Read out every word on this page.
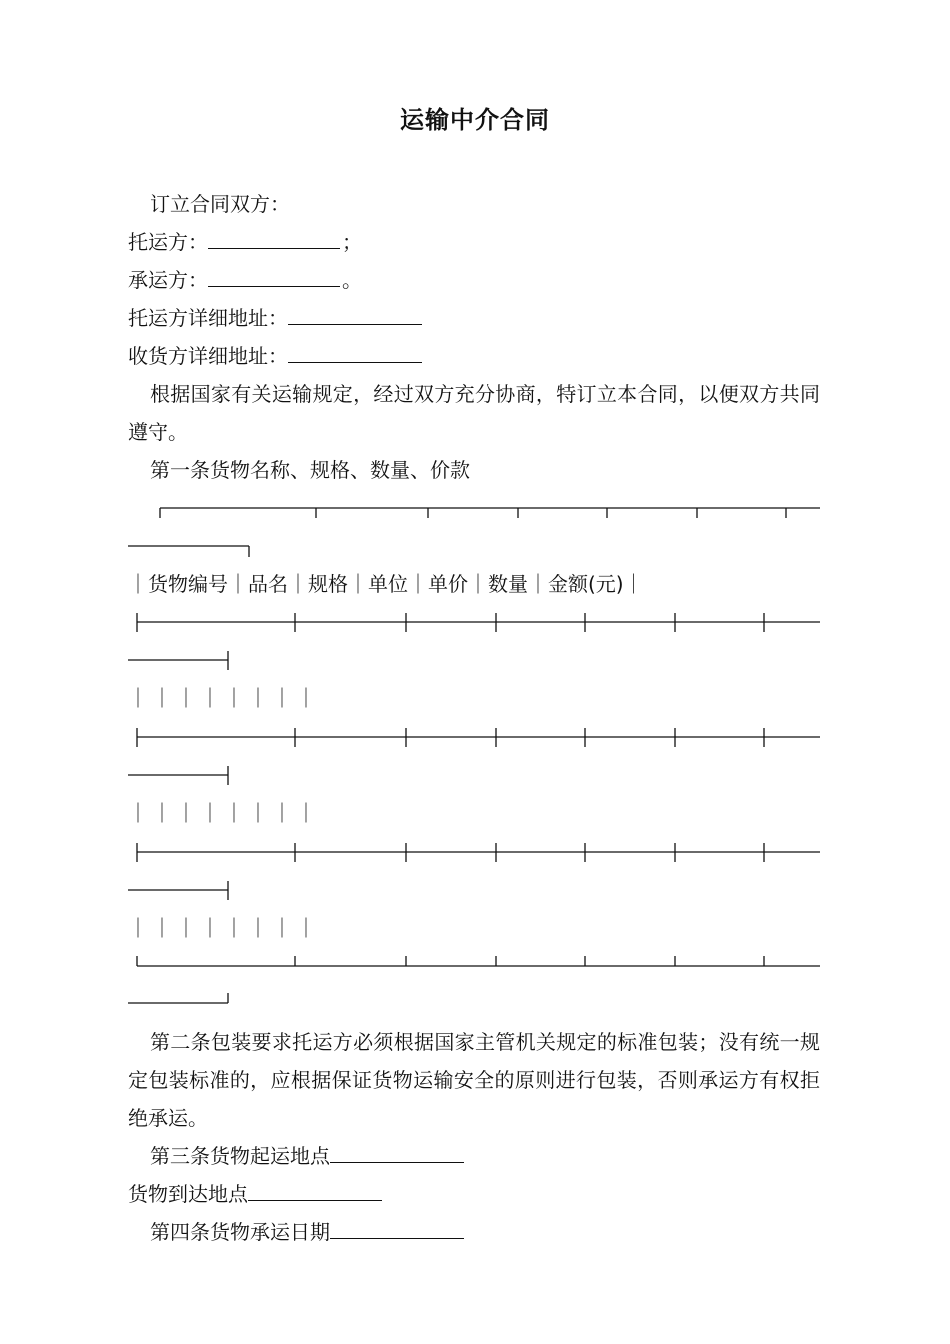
运输中介合同
订立合同双方：
托运方：	；
承运方：	。
托运方详细地址：
收货方详细地址：
根据国家有关运输规定，经过双方充分协商，特订立本合同，以便双方共同遵守。
第一条货物名称、规格、数量、价款
｜货物编号｜品名｜规格｜单位｜单价｜数量｜金额(元)｜
｜｜｜｜｜｜｜｜
｜｜｜｜｜｜｜｜
｜｜｜｜｜｜｜｜
第二条包装要求托运方必须根据国家主管机关规定的标准包装；没有统一规定包装标准的，应根据保证货物运输安全的原则进行包装，否则承运方有权拒绝承运。
第三条货物起运地点
货物到达地点
第四条货物承运日期
